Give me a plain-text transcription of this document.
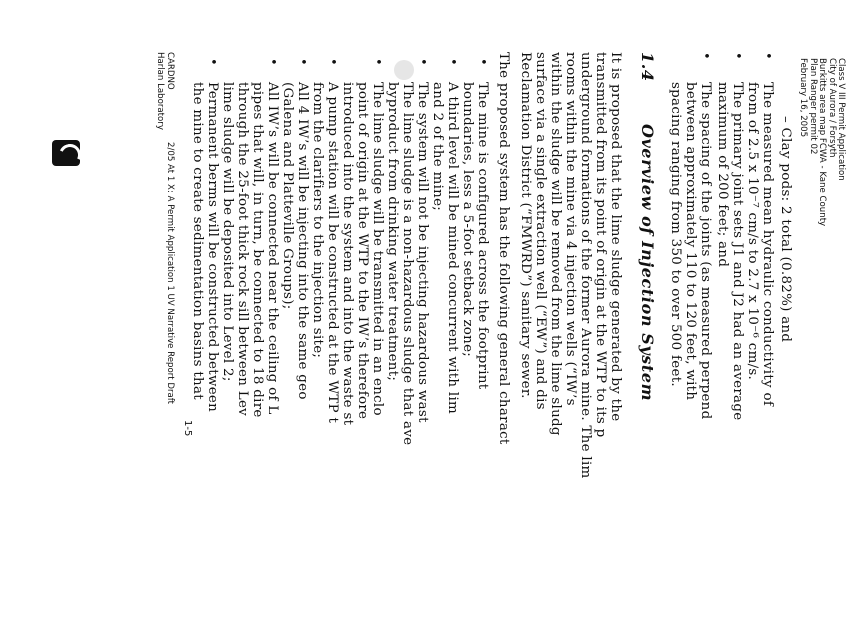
Class V III Permit Application
City of Aurora / Forsyth
Burkitts area map FCWA - Kane County
Plan Ranger permit 02
February 16, 2005
– Clay pods: 2 total (0.82%) and
•
The measured mean hydraulic conductivity of
from of 2.5 x 10⁻⁷ cm/s to 2.7 x 10⁻⁶ cm/s.
•
The primary joint sets J1 and J2 had an average
maximum of 200 feet; and
•
The spacing of the joints (as measured perpend
between approximately 110 to 120 feet, with
spacing ranging from 350 to over 500 feet.
1.4
Overview of Injection System
It is proposed that the lime sludge generated by the
transmitted from its point of origin at the WTP to its p
underground formations of the former Aurora mine. The lim
rooms within the mine via 4 injection wells (“IW’s
within the sludge will be removed from the lime sludg
surface via a single extraction well (“EW”) and dis
Reclamation District (“FMWRD”) sanitary sewer.
The proposed system has the following general charact
•
The mine is configured across the footprint
boundaries, less a 5-foot setback zone;
•
A third level will be mined concurrent with lim
and 2 of the mine;
•
The system will not be injecting hazardous wast
The lime sludge is a non-hazardous sludge that ave
byproduct from drinking water treatment;
•
The lime sludge will be transmitted in an enclo
point of origin at the WTP to the IW’s therefore
introduced into the system and into the waste st
•
A pump station will be constructed at the WTP t
from the clarifiers to the injection site;
•
All 4 IW’s will be injecting into the same geo
(Galena and Platteville Groups);
•
All IW’s will be connected near the ceiling of L
pipes that will, in turn, be connected to 18 dire
through the 25-foot thick rock sill between Lev
lime sludge will be deposited into Level 2;
•
Permanent berms will be constructed between
the mine to create sedimentation basins that
CARDNO
Harlan Laboratory
2/05 At 1 X: A Permit Application 1 UV Narrative Report Draft
1-5
